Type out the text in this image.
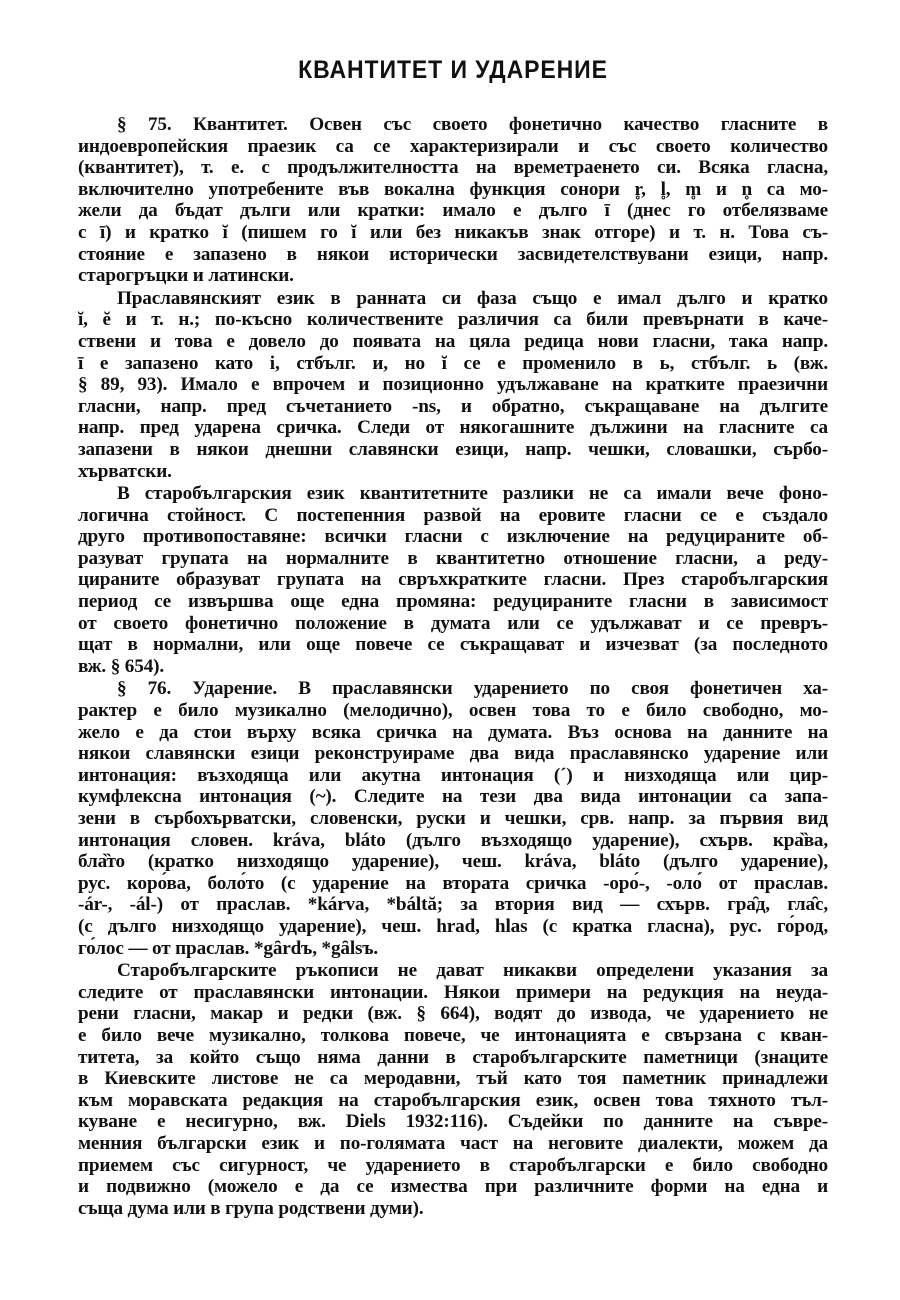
КВАНТИТЕТ И УДАРЕНИЕ
§ 75. Квантитет. Освен със своето фонетично качество гласните в
индоевропейския праезик са се характеризирали и със своето количество
(квантитет), т. е. с продължителността на времетраенето си. Всяка гласна,
включително употребените във вокална функция сонори r̥, l̥, m̥ и n̥ са мо-
жели да бъдат дълги или кратки: имало е дълго ī (днес го отбелязваме
с ī) и кратко ĭ (пишем го ĭ или без никакъв знак отгоре) и т. н. Това съ-
стояние е запазено в някои исторически засвидетелствувани езици, напр.
старогръцки и латински.
Праславянският език в ранната си фаза също е имал дълго и кратко
ĭ, ĕ и т. н.; по-късно количествените различия са били превърнати в каче-
ствени и това е довело до появата на цяла редица нови гласни, така напр.
ī е запазено като i, стбълг. и, но ĭ се е променило в ь, стбълг. ь (вж.
§ 89, 93). Имало е впрочем и позиционно удължаване на кратките праезични
гласни, напр. пред съчетанието -ns, и обратно, съкращаване на дългите
напр. пред ударена сричка. Следи от някогашните дължини на гласните са
запазени в някои днешни славянски езици, напр. чешки, словашки, сърбо-
хърватски.
В старобългарския език квантитетните разлики не са имали вече фоно-
логична стойност. С постепенния развой на еровите гласни се е създало
друго противопоставяне: всички гласни с изключение на редуцираните об-
разуват групата на нормалните в квантитетно отношение гласни, а реду-
цираните образуват групата на свръхкратките гласни. През старобългарския
период се извършва още една промяна: редуцираните гласни в зависимост
от своето фонетично положение в думата или се удължават и се превръ-
щат в нормални, или още повече се съкращават и изчезват (за последното
вж. § 654).
§ 76. Ударение. В праславянски ударението по своя фонетичен ха-
рактер е било музикално (мелодично), освен това то е било свободно, мо-
жело е да стои върху всяка сричка на думата. Въз основа на данните на
някои славянски езици реконструираме два вида праславянско ударение или
интонация: възходяща или акутна интонация (´) и низходяща или цир-
кумфлексна интонация (~). Следите на тези два вида интонации са запа-
зени в сърбохърватски, словенски, руски и чешки, срв. напр. за първия вид
интонация словен. kráva, bláto (дълго възходящо ударение), схърв. кра̏ва,
бла̏то (кратко низходящо ударение), чеш. kráva, bláto (дълго ударение),
рус. коро́ва, боло́то (с ударение на втората сричка -оро́-, -оло́ от праслав.
-ár-, -ál-) от праслав. *kárva, *báltă; за втория вид — схърв. гра̑д, гла̑с,
(с дълго низходящо ударение), чеш. hrad, hlas (с кратка гласна), рус. го́род,
го́лос — от праслав. *gȃrdъ, *gȃlsъ.
Старобългарските ръкописи не дават никакви определени указания за
следите от праславянски интонации. Някои примери на редукция на неуда-
рени гласни, макар и редки (вж. § 664), водят до извода, че ударението не
е било вече музикално, толкова повече, че интонацията е свързана с кван-
титета, за който също няма данни в старобългарските паметници (знаците
в Киевските листове не са меродавни, тъй като тоя паметник принадлежи
към моравската редакция на старобългарския език, освен това тяхното тъл-
куване е несигурно, вж. Diels 1932:116). Съдейки по данните на съвре-
менния български език и по-голямата част на неговите диалекти, можем да
приемем със сигурност, че ударението в старобългарски е било свободно
и подвижно (можело е да се измества при различните форми на една и
съща дума или в група родствени думи).
